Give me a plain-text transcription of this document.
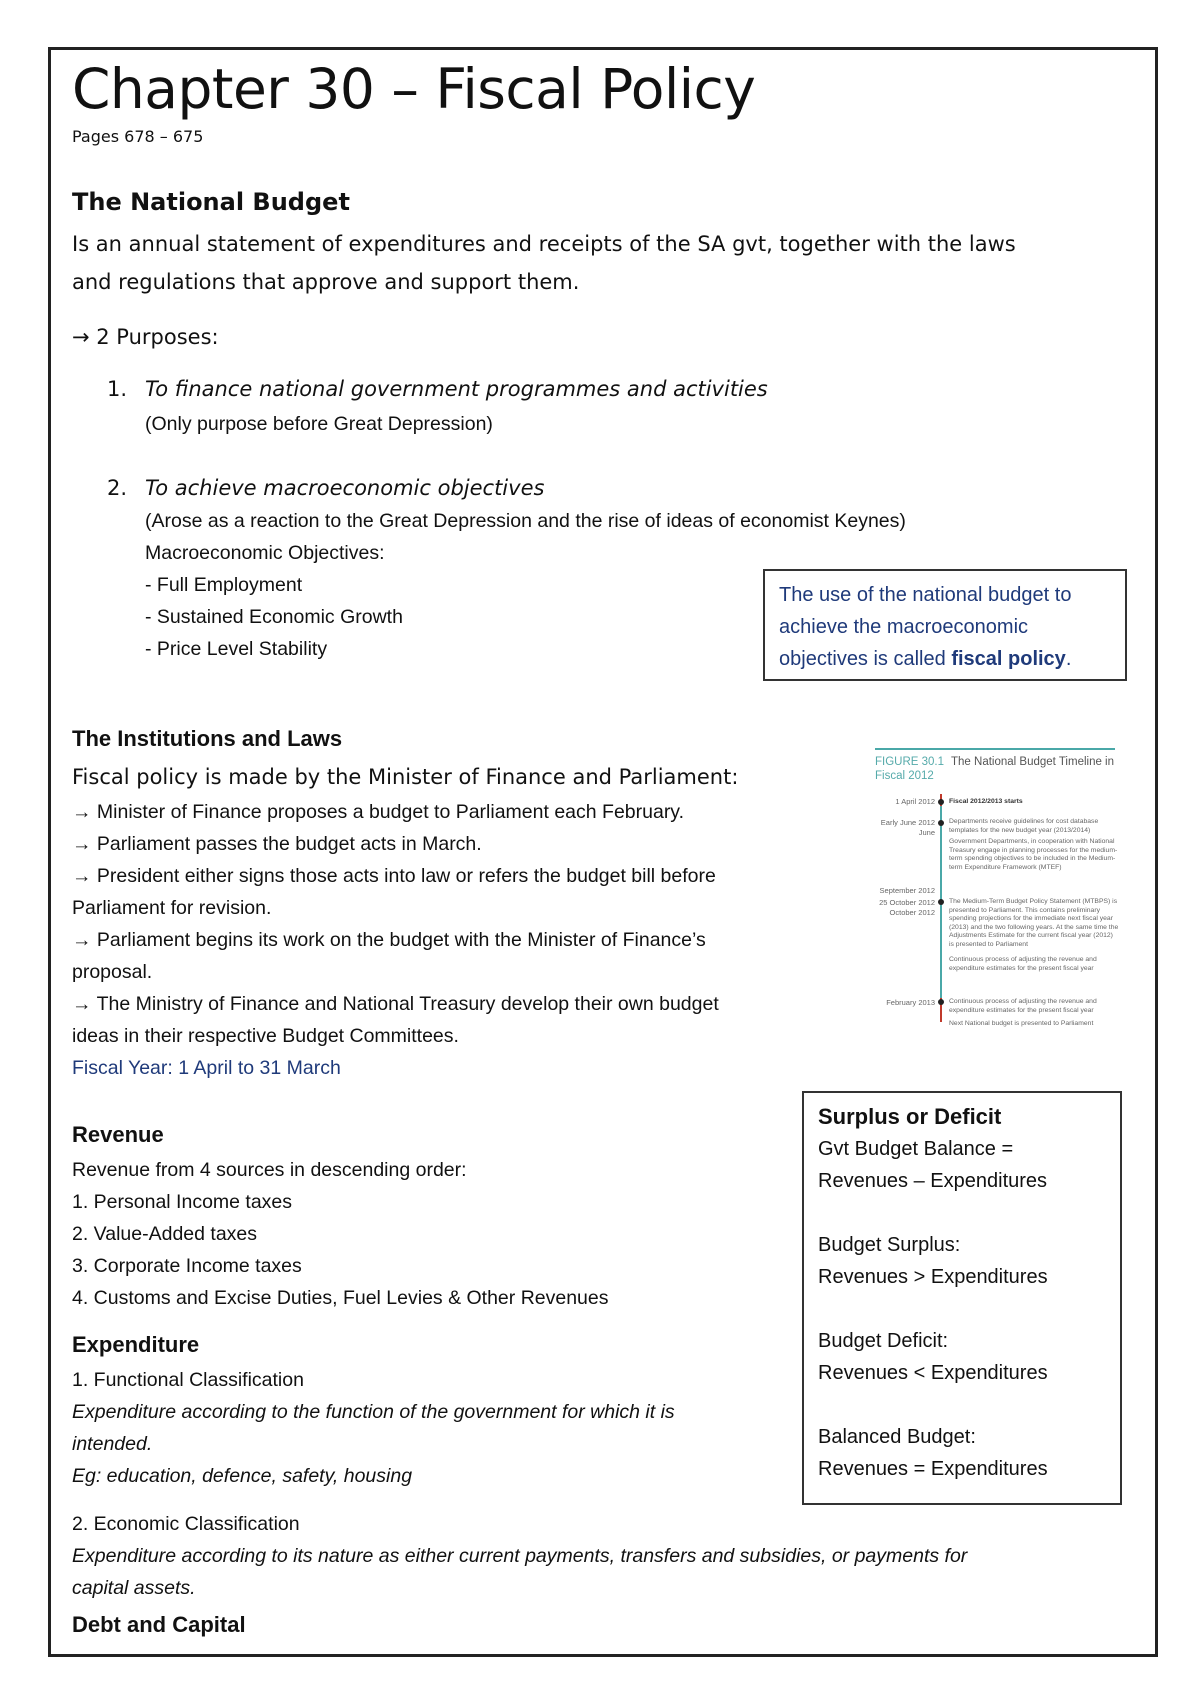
Chapter 30 – Fiscal Policy
Pages 678 – 675
The National Budget
Is an annual statement of expenditures and receipts of the SA gvt, together with the laws
and regulations that approve and support them.
→ 2 Purposes:
1. To finance national government programmes and activities
(Only purpose before Great Depression)
2. To achieve macroeconomic objectives
(Arose as a reaction to the Great Depression and the rise of ideas of economist Keynes)
Macroeconomic Objectives:
- Full Employment
- Sustained Economic Growth
- Price Level Stability
The use of the national budget to
achieve the macroeconomic
objectives is called fiscal policy.
The Institutions and Laws
Fiscal policy is made by the Minister of Finance and Parliament:
→ Minister of Finance proposes a budget to Parliament each February.
→ Parliament passes the budget acts in March.
→ President either signs those acts into law or refers the budget bill before
Parliament for revision.
→ Parliament begins its work on the budget with the Minister of Finance’s
proposal.
→ The Ministry of Finance and National Treasury develop their own budget
ideas in their respective Budget Committees.
Fiscal Year: 1 April to 31 March
FIGURE 30.1
Fiscal 2012
The National Budget Timeline in
1 April 2012 Fiscal 2012/2013 starts
Early June 2012 Departments receive guidelines for cost database templates for the new budget year (2013/2014)
June
Government Departments, in cooperation with National Treasury engage in planning processes for the medium-term spending objectives to be included in the Medium-term Expenditure Framework (MTEF)
September 2012
25 October 2012 The Medium-Term Budget Policy Statement (MTBPS) is presented to Parliament. This contains preliminary spending projections for the immediate next fiscal year (2013) and the two following years. At the same time the Adjustments Estimate for the current fiscal year (2012) is presented to Parliament
October 2012
Continuous process of adjusting the revenue and expenditure estimates for the present fiscal year
February 2013 Continuous process of adjusting the revenue and expenditure estimates for the present fiscal year
Next National budget is presented to Parliament
Revenue
Revenue from 4 sources in descending order:
1. Personal Income taxes
2. Value-Added taxes
3. Corporate Income taxes
4. Customs and Excise Duties, Fuel Levies & Other Revenues
Expenditure
1. Functional Classification
Expenditure according to the function of the government for which it is
intended.
Eg: education, defence, safety, housing
2. Economic Classification
Expenditure according to its nature as either current payments, transfers and subsidies, or payments for
capital assets.
Debt and Capital
Surplus or Deficit
Gvt Budget Balance =
Revenues – Expenditures

Budget Surplus:
Revenues > Expenditures

Budget Deficit:
Revenues < Expenditures

Balanced Budget:
Revenues = Expenditures
